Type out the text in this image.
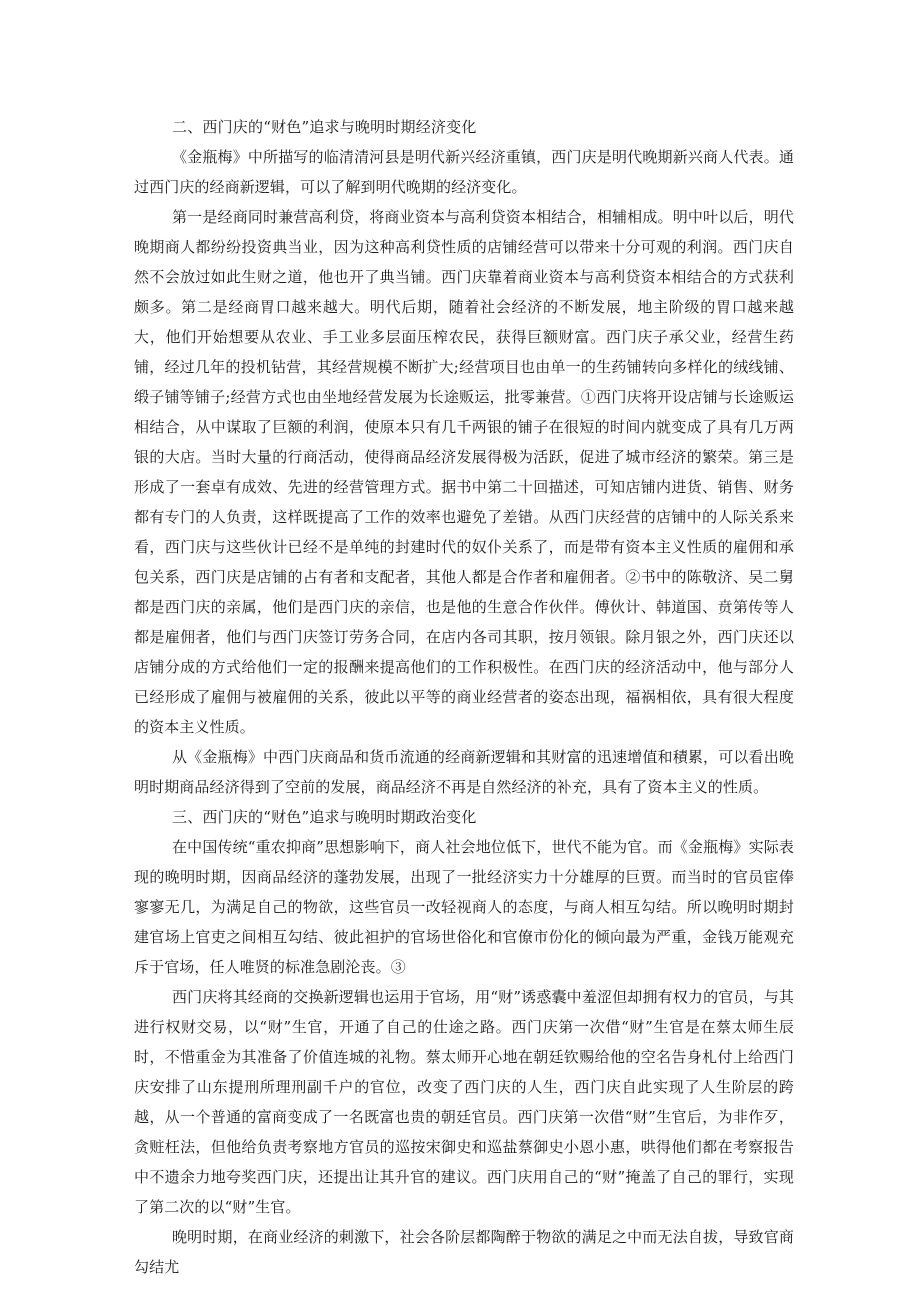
二、西门庆的“财色”追求与晚明时期经济变化

《金瓶梅》中所描写的临清清河县是明代新兴经济重镇，西门庆是明代晚期新兴商人代表。通过西门庆的经商新逻辑，可以了解到明代晚期的经济变化。

第一是经商同时兼营高利贷，将商业资本与高利贷资本相结合，相辅相成。明中叶以后，明代晚期商人都纷纷投资典当业，因为这种高利贷性质的店铺经营可以带来十分可观的利润。西门庆自然不会放过如此生财之道，他也开了典当铺。西门庆靠着商业资本与高利贷资本相结合的方式获利颇多。第二是经商胃口越来越大。明代后期，随着社会经济的不断发展，地主阶级的胃口越来越大，他们开始想要从农业、手工业多层面压榨农民，获得巨额财富。西门庆子承父业，经营生药铺，经过几年的投机钻营，其经营规模不断扩大;经营项目也由单一的生药铺转向多样化的绒线铺、缎子铺等铺子;经营方式也由坐地经营发展为长途贩运，批零兼营。①西门庆将开设店铺与长途贩运相结合，从中谋取了巨额的利润，使原本只有几千两银的铺子在很短的时间内就变成了具有几万两银的大店。当时大量的行商活动，使得商品经济发展得极为活跃，促进了城市经济的繁荣。第三是形成了一套卓有成效、先进的经营管理方式。据书中第二十回描述，可知店铺内进货、销售、财务都有专门的人负责，这样既提高了工作的效率也避免了差错。从西门庆经营的店铺中的人际关系来看，西门庆与这些伙计已经不是单纯的封建时代的奴仆关系了，而是带有资本主义性质的雇佣和承包关系，西门庆是店铺的占有者和支配者，其他人都是合作者和雇佣者。②书中的陈敬济、吴二舅都是西门庆的亲属，他们是西门庆的亲信，也是他的生意合作伙伴。傅伙计、韩道国、贲第传等人都是雇佣者，他们与西门庆签订劳务合同，在店内各司其职，按月领银。除月银之外，西门庆还以店铺分成的方式给他们一定的报酬来提高他们的工作积极性。在西门庆的经济活动中，他与部分人已经形成了雇佣与被雇佣的关系，彼此以平等的商业经营者的姿态出现，福祸相依，具有很大程度的资本主义性质。

从《金瓶梅》中西门庆商品和货币流通的经商新逻辑和其财富的迅速增值和積累，可以看出晚明时期商品经济得到了空前的发展，商品经济不再是自然经济的补充，具有了资本主义的性质。

三、西门庆的“财色”追求与晚明时期政治变化

在中国传统“重农抑商”思想影响下，商人社会地位低下，世代不能为官。而《金瓶梅》实际表现的晚明时期，因商品经济的蓬勃发展，出现了一批经济实力十分雄厚的巨贾。而当时的官员宦俸寥寥无几，为满足自己的物欲，这些官员一改轻视商人的态度，与商人相互勾结。所以晚明时期封建官场上官吏之间相互勾结、彼此袒护的官场世俗化和官僚市份化的倾向最为严重，金钱万能观充斥于官场，任人唯贤的标准急剧沦丧。③

西门庆将其经商的交换新逻辑也运用于官场，用“财”诱惑囊中羞涩但却拥有权力的官员，与其进行权财交易，以“财”生官，开通了自己的仕途之路。西门庆第一次借“财”生官是在蔡太师生辰时，不惜重金为其准备了价值连城的礼物。蔡太师开心地在朝廷钦赐给他的空名告身札付上给西门庆安排了山东提刑所理刑副千户的官位，改变了西门庆的人生，西门庆自此实现了人生阶层的跨越，从一个普通的富商变成了一名既富也贵的朝廷官员。西门庆第一次借“财”生官后，为非作歹，贪赃枉法，但他给负责考察地方官员的巡按宋御史和巡盐蔡御史小恩小惠，哄得他们都在考察报告中不遗余力地夸奖西门庆，还提出让其升官的建议。西门庆用自己的“财”掩盖了自己的罪行，实现了第二次的以“财”生官。

晚明时期，在商业经济的刺激下，社会各阶层都陶醉于物欲的满足之中而无法自拔，导致官商勾结尤
